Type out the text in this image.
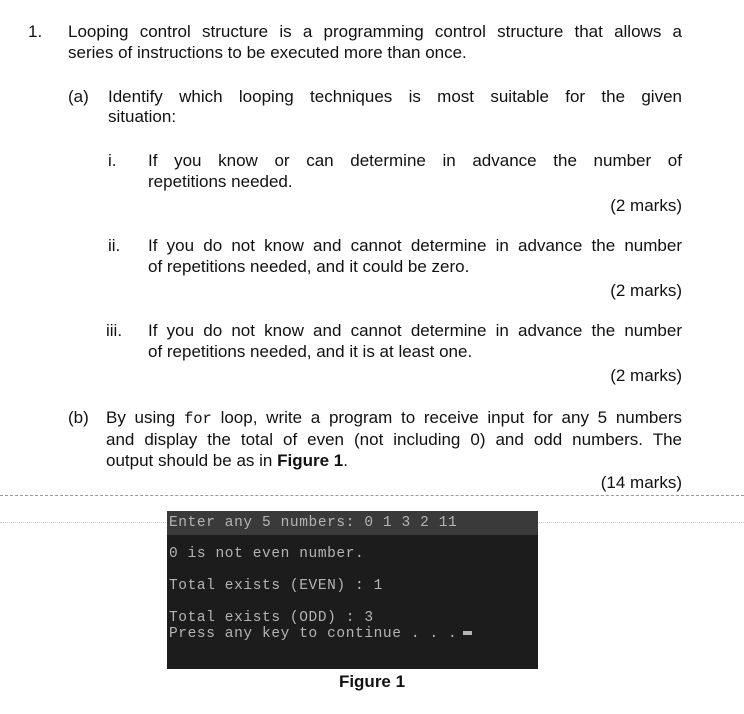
1. Looping control structure is a programming control structure that allows a
series of instructions to be executed more than once.
(a) Identify which looping techniques is most suitable for the given
situation:
i. If you know or can determine in advance the number of
repetitions needed.
(2 marks)
ii. If you do not know and cannot determine in advance the number
of repetitions needed, and it could be zero.
(2 marks)
iii. If you do not know and cannot determine in advance the number
of repetitions needed, and it is at least one.
(2 marks)
(b) By using for loop, write a program to receive input for any 5 numbers
and display the total of even (not including 0) and odd numbers. The
output should be as in Figure 1.
(14 marks)
Enter any 5 numbers: 0 1 3 2 11
0 is not even number.
Total exists (EVEN) : 1
Total exists (ODD) : 3
Press any key to continue . . .
Figure 1
